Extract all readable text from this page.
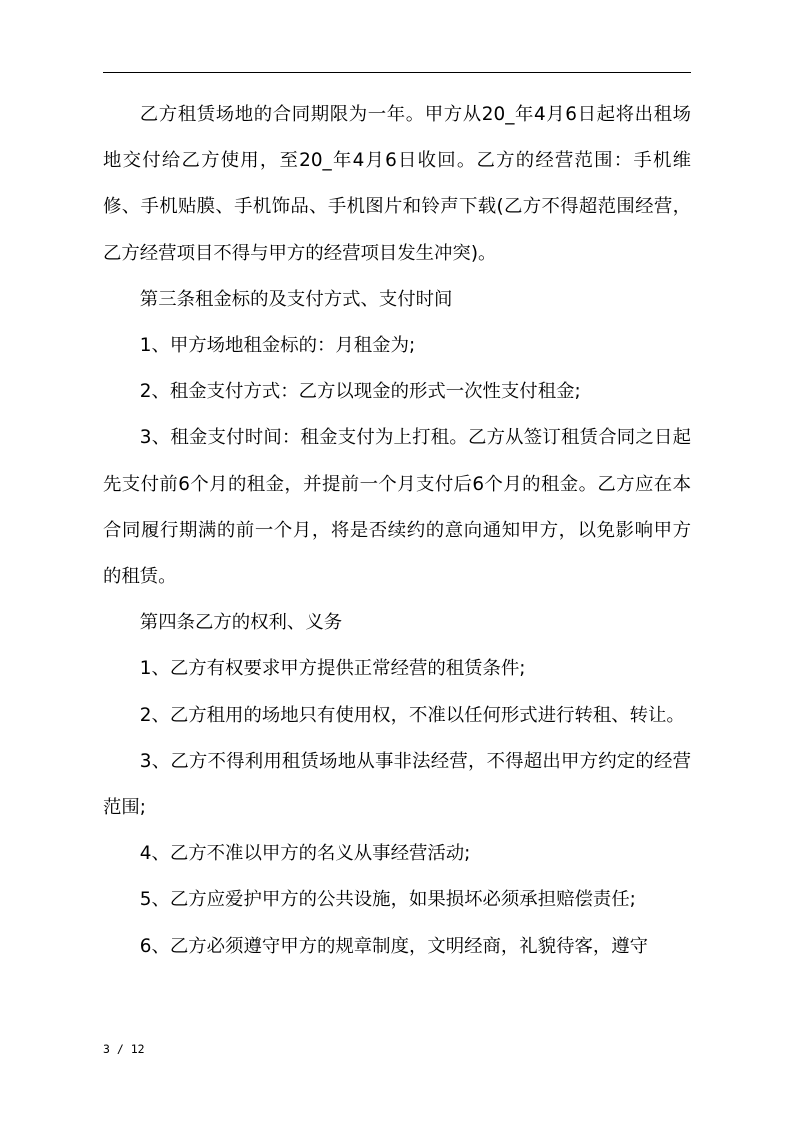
乙方租赁场地的合同期限为一年。甲方从20_年4月6日起将出租场地交付给乙方使用，至20_年4月6日收回。乙方的经营范围：手机维修、手机贴膜、手机饰品、手机图片和铃声下载(乙方不得超范围经营，乙方经营项目不得与甲方的经营项目发生冲突)。

第三条租金标的及支付方式、支付时间

1、甲方场地租金标的：月租金为;

2、租金支付方式：乙方以现金的形式一次性支付租金;

3、租金支付时间：租金支付为上打租。乙方从签订租赁合同之日起先支付前6个月的租金，并提前一个月支付后6个月的租金。乙方应在本合同履行期满的前一个月，将是否续约的意向通知甲方，以免影响甲方的租赁。

第四条乙方的权利、义务

1、乙方有权要求甲方提供正常经营的租赁条件;

2、乙方租用的场地只有使用权，不准以任何形式进行转租、转让。

3、乙方不得利用租赁场地从事非法经营，不得超出甲方约定的经营范围;

4、乙方不准以甲方的名义从事经营活动;

5、乙方应爱护甲方的公共设施，如果损坏必须承担赔偿责任;

6、乙方必须遵守甲方的规章制度，文明经商，礼貌待客，遵守

3 / 12
